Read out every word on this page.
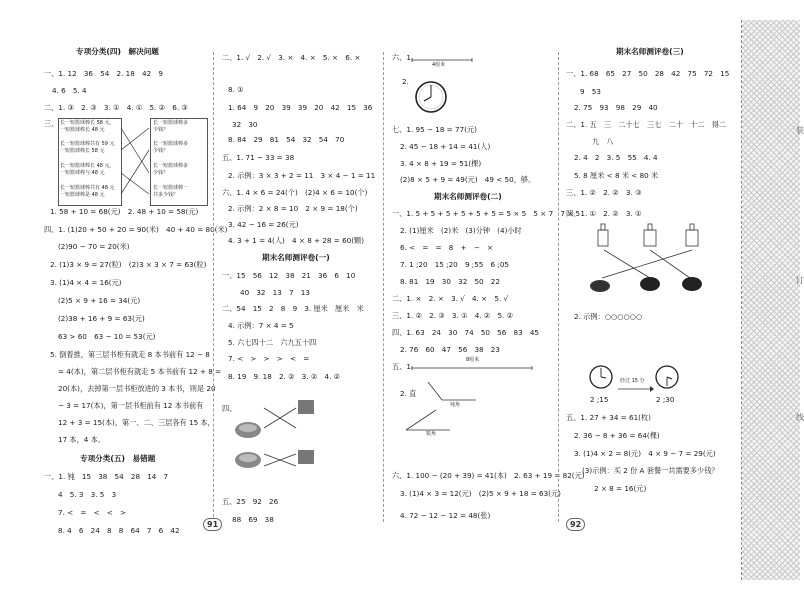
专项分类(四)　解决问题
一、1. 12　36　54　2. 18　42　9
4. 6　5. 4
二、1. ③　2. ③　3. ①　4. ①　5. ②　6. ③
三、 长一短篮球棒长 58 元、
一短篮球棒长 48 元
长一短篮球棒共有 59 元
一短篮球棒长 58 元
长一短篮球棒长 48 元、
一短篮球棒与 48 元
长一短篮球棒共有 48 元
一短篮球棒是 48 元
长一短篮球棒多
少钱？
长一短篮球棒多
少钱？
长一短篮球棒多
少钱？
长一短篮球棒一
共多少钱？
1. 58 + 10 = 68(元)　2. 48 + 10 = 58(元)
四、1. (1)20 + 50 + 20 = 90(米)　40 + 40 = 80(米)
(2)90 − 70 = 20(米)
2. (1)3 × 9 = 27(粒)　(2)3 × 3 × 7 = 63(粒)
3. (1)4 × 4 = 16(元)
(2)5 × 9 + 16 = 34(元)
(2)38 + 16 + 9 = 63(元)
63 > 60　63 − 10 = 53(元)
5. 倒着推，第三层书柜有就走 8 本书前有 12 − 8
= 4(本)，第二层书柜有就走 5 本书前有 12 + 8 =
20(本)，去掉第一层书柜放进的 3 本书，则是 20
− 3 = 17(本)，第一层书柜前有 12 本书前有
12 + 3 = 15(本)，第一、二、三层各有 15 本，
17 本，4 本。
专项分类(五)　易错题
一、1. 钝　15　38　54　28　14　7
4　5. 3　3. 5　3
7. <　=　<　<　>
8. 4　6　24　8　8　64　7　6　42
二、1. √　2. √　3. ×　4. ×　5. ×　6. ×
8. ①
1. 64　9　20　39　39　20　42　15　36
32　30
8. 84　29　81　54　32　54　70
五、1. 71 − 33 = 38
2. 示例：3 × 3 + 2 = 11　3 × 4 − 1 = 11
六、1. 4 × 6 = 24(个)　(2)4 × 6 = 10(个)
2. 示例：2 × 8 = 10　2 × 9 = 18(个)
3. 42 − 16 = 26(元)
4. 3 + 1 = 4(人)　4 × 8 + 28 = 60(颗)
期末名师测评卷(一)
一、15　56　12　38　21　36　6　10
40　32　13　7　13
二、54　15　2　8　9　3. 厘米　厘米　米
4. 示例：7 × 4 = 5
5. 六七四十二　六九五十四
7. <　>　>　>　<　=
8. 19　9. 18　2. ②　3. ②　4. ②
四、
五、25　92　26
88　69　38
六、1.
4厘米
2.
七、1. 95 − 18 = 77(元)
2. 45 − 18 + 14 = 41(人)
3. 4 × 8 + 19 = 51(棵)
(2)8 × 5 + 9 = 49(元)　49 < 50，够。
期末名师测评卷(二)
一、1. 5 + 5 + 5 + 5 + 5 + 5 = 5 × 5　5 × 7　7 × 5
2. (1)厘米　(2)米　(3)分钟　(4)小时
6. <　=　=　8　+　−　×
7. 1 ;20　15 ;20　9 ;55　6 ;05
8. 81　19　30　32　50　22
二、1. ×　2. ×　3. √　4. ×　5. √
三、1. ②　2. ③　3. ①　4. ②　5. ②
四、1. 63　24　30　74　50　56　83　45
2. 76　60　47　56　38　23
五、1.
8厘米
2. 直
钝角
锐角
六、1. 100 − (20 + 39) = 41(本)　2. 63 + 19 = 82(元)
3. (1)4 × 3 = 12(元)　(2)5 × 9 + 18 = 63(元)
4. 72 − 12 − 12 = 48(张)
期末名师测评卷(三)
一、1. 68　65　27　50　28　42　75　72　15
9　53
2. 75　93　98　29　40
二、1. 五　三　二十七　三七　二十　十二　得二
九　八
2. 4　2　3. 5　55　4. 4
5. 8 厘米 < 8 米 < 80 米
三、1. ②　2. ②　3. ③
四、1. ①　2. ②　3. ①
2. 示例：○○○○○○
经过 15 分
2 ;15	2 ;30
五、1. 27 + 34 = 61(枚)
2. 36 − 8 + 36 = 64(棵)
3. (1)4 × 2 = 8(元)　4 × 9 − 7 = 29(元)
(3)示例：买 2 份 A 套餐一共需要多少钱？
2 × 8 = 16(元)
91	92
装
订
线
